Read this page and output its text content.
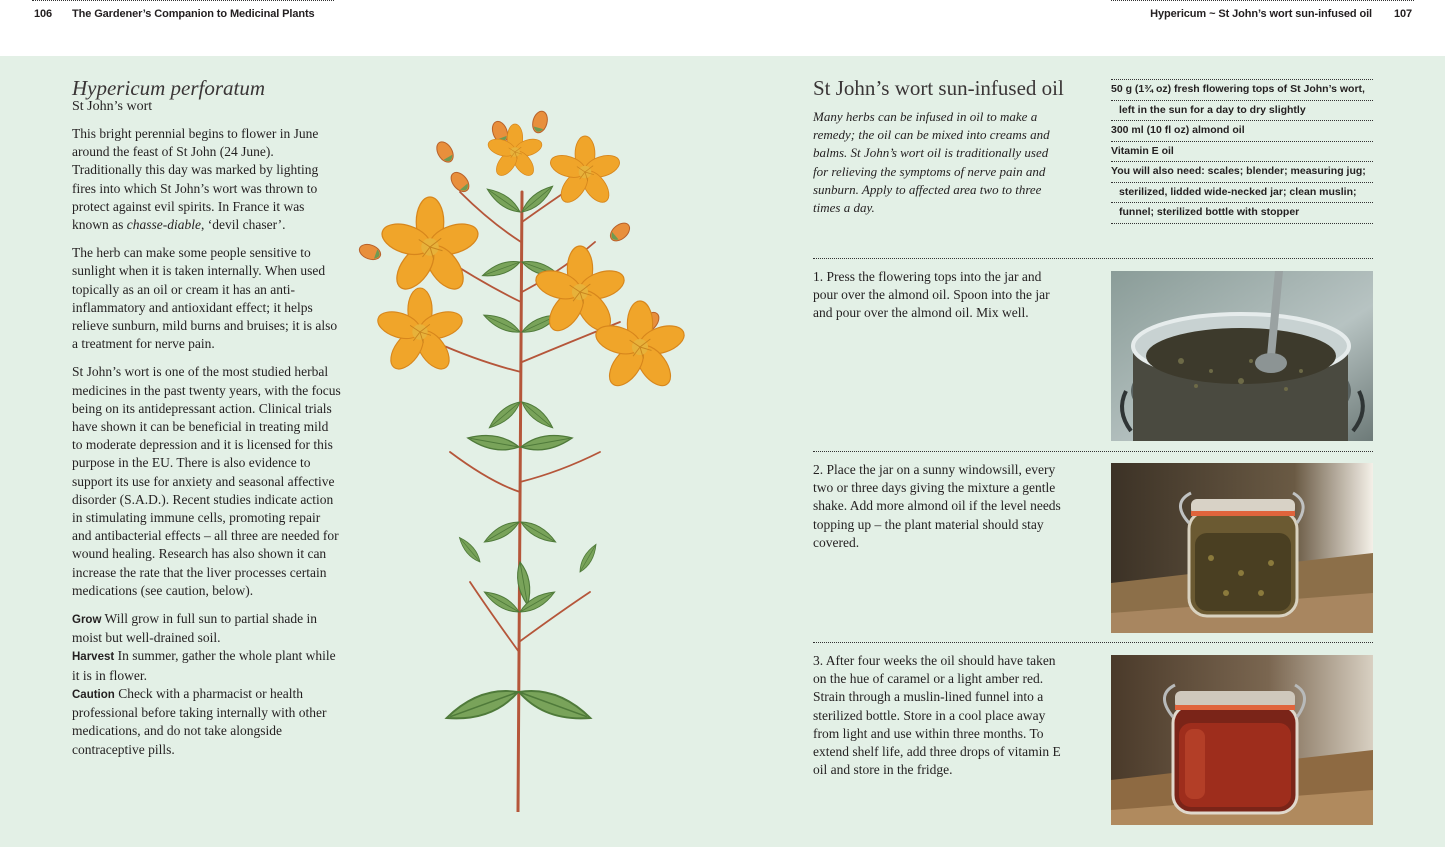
106 The Gardener’s Companion to Medicinal Plants	Hypericum ~ St John’s wort sun-infused oil 107
Hypericum perforatum
St John’s wort

This bright perennial begins to flower in June around the feast of St John (24 June). Traditionally this day was marked by lighting fires into which St John’s wort was thrown to protect against evil spirits. In France it was known as chasse-diable, ‘devil chaser’.

The herb can make some people sensitive to sunlight when it is taken internally. When used topically as an oil or cream it has an anti-inflammatory and antioxidant effect; it helps relieve sunburn, mild burns and bruises; it is also a treatment for nerve pain.

St John’s wort is one of the most studied herbal medicines in the past twenty years, with the focus being on its antidepressant action. Clinical trials have shown it can be beneficial in treating mild to moderate depression and it is licensed for this purpose in the EU. There is also evidence to support its use for anxiety and seasonal affective disorder (S.A.D.). Recent studies indicate action in stimulating immune cells, promoting repair and antibacterial effects – all three are needed for wound healing. Research has also shown it can increase the rate that the liver processes certain medications (see caution, below).

Grow Will grow in full sun to partial shade in moist but well-drained soil.
Harvest In summer, gather the whole plant while it is in flower.
Caution Check with a pharmacist or health professional before taking internally with other medications, and do not take alongside contraceptive pills.
St John’s wort sun-infused oil
Many herbs can be infused in oil to make a remedy; the oil can be mixed into creams and balms. St John’s wort oil is traditionally used for relieving the symptoms of nerve pain and sunburn. Apply to affected area two to three times a day.
50 g (1¾ oz) fresh flowering tops of St John’s wort,
left in the sun for a day to dry slightly
300 ml (10 fl oz) almond oil
Vitamin E oil
You will also need: scales; blender; measuring jug;
sterilized, lidded wide-necked jar; clean muslin;
funnel; sterilized bottle with stopper
1. Press the flowering tops into the jar and pour over the almond oil. Spoon into the jar and pour over the almond oil. Mix well.
2. Place the jar on a sunny windowsill, every two or three days giving the mixture a gentle shake. Add more almond oil if the level needs topping up – the plant material should stay covered.
3. After four weeks the oil should have taken on the hue of caramel or a light amber red. Strain through a muslin-lined funnel into a sterilized bottle. Store in a cool place away from light and use within three months. To extend shelf life, add three drops of vitamin E oil and store in the fridge.
